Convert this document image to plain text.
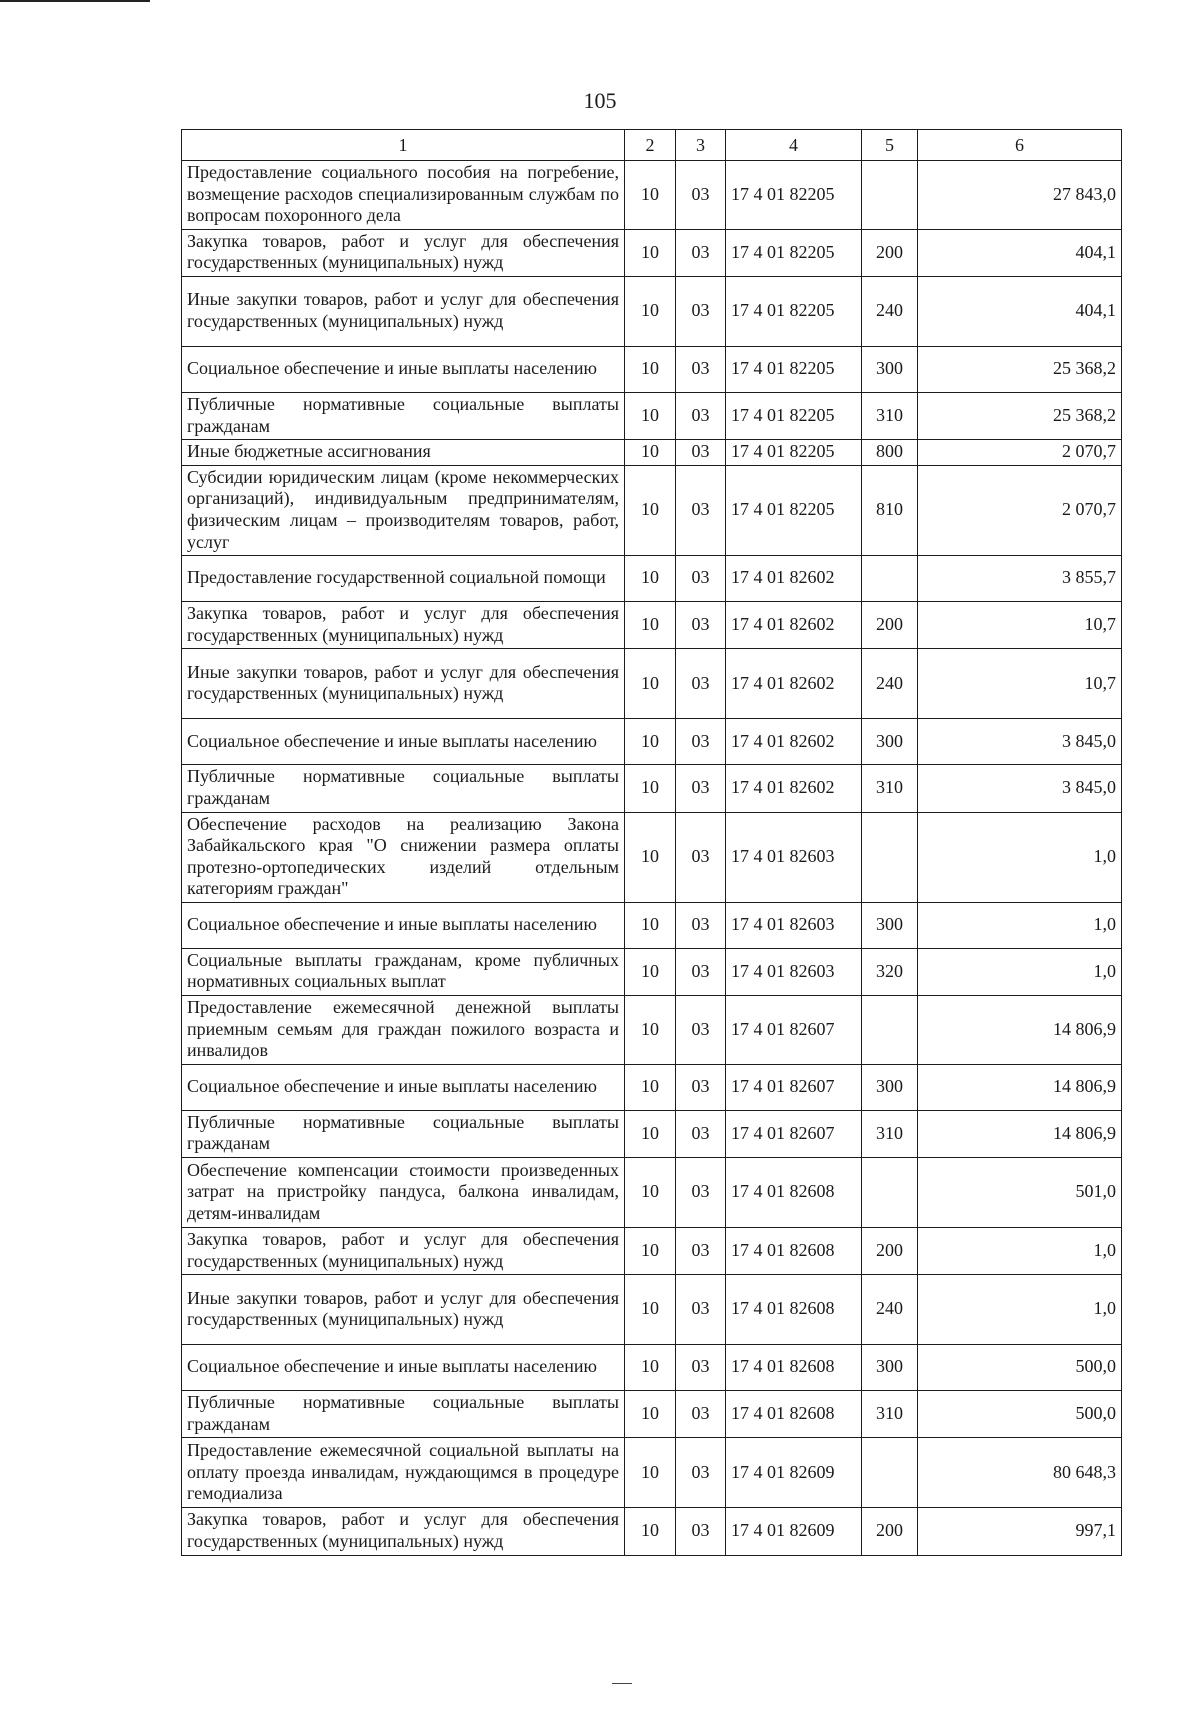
105
1	2	3	4	5	6
Предоставление социального пособия на погребение, возмещение расходов специализированным службам по вопросам похоронного дела	10	03	17 4 01 82205		27 843,0
Закупка товаров, работ и услуг для обеспечения государственных (муниципальных) нужд	10	03	17 4 01 82205	200	404,1
Иные закупки товаров, работ и услуг для обеспечения государственных (муниципальных) нужд	10	03	17 4 01 82205	240	404,1
Социальное обеспечение и иные выплаты населению	10	03	17 4 01 82205	300	25 368,2
Публичные нормативные социальные выплаты гражданам	10	03	17 4 01 82205	310	25 368,2
Иные бюджетные ассигнования	10	03	17 4 01 82205	800	2 070,7
Субсидии юридическим лицам (кроме некоммерческих организаций), индивидуальным предпринимателям, физическим лицам – производителям товаров, работ, услуг	10	03	17 4 01 82205	810	2 070,7
Предоставление государственной социальной помощи	10	03	17 4 01 82602		3 855,7
Закупка товаров, работ и услуг для обеспечения государственных (муниципальных) нужд	10	03	17 4 01 82602	200	10,7
Иные закупки товаров, работ и услуг для обеспечения государственных (муниципальных) нужд	10	03	17 4 01 82602	240	10,7
Социальное обеспечение и иные выплаты населению	10	03	17 4 01 82602	300	3 845,0
Публичные нормативные социальные выплаты гражданам	10	03	17 4 01 82602	310	3 845,0
Обеспечение расходов на реализацию Закона Забайкальского края "О снижении размера оплаты протезно-ортопедических изделий отдельным категориям граждан"	10	03	17 4 01 82603		1,0
Социальное обеспечение и иные выплаты населению	10	03	17 4 01 82603	300	1,0
Социальные выплаты гражданам, кроме публичных нормативных социальных выплат	10	03	17 4 01 82603	320	1,0
Предоставление ежемесячной денежной выплаты приемным семьям для граждан пожилого возраста и инвалидов	10	03	17 4 01 82607		14 806,9
Социальное обеспечение и иные выплаты населению	10	03	17 4 01 82607	300	14 806,9
Публичные нормативные социальные выплаты гражданам	10	03	17 4 01 82607	310	14 806,9
Обеспечение компенсации стоимости произведенных затрат на пристройку пандуса, балкона инвалидам, детям-инвалидам	10	03	17 4 01 82608		501,0
Закупка товаров, работ и услуг для обеспечения государственных (муниципальных) нужд	10	03	17 4 01 82608	200	1,0
Иные закупки товаров, работ и услуг для обеспечения государственных (муниципальных) нужд	10	03	17 4 01 82608	240	1,0
Социальное обеспечение и иные выплаты населению	10	03	17 4 01 82608	300	500,0
Публичные нормативные социальные выплаты гражданам	10	03	17 4 01 82608	310	500,0
Предоставление ежемесячной социальной выплаты на оплату проезда инвалидам, нуждающимся в процедуре гемодиализа	10	03	17 4 01 82609		80 648,3
Закупка товаров, работ и услуг для обеспечения государственных (муниципальных) нужд	10	03	17 4 01 82609	200	997,1
